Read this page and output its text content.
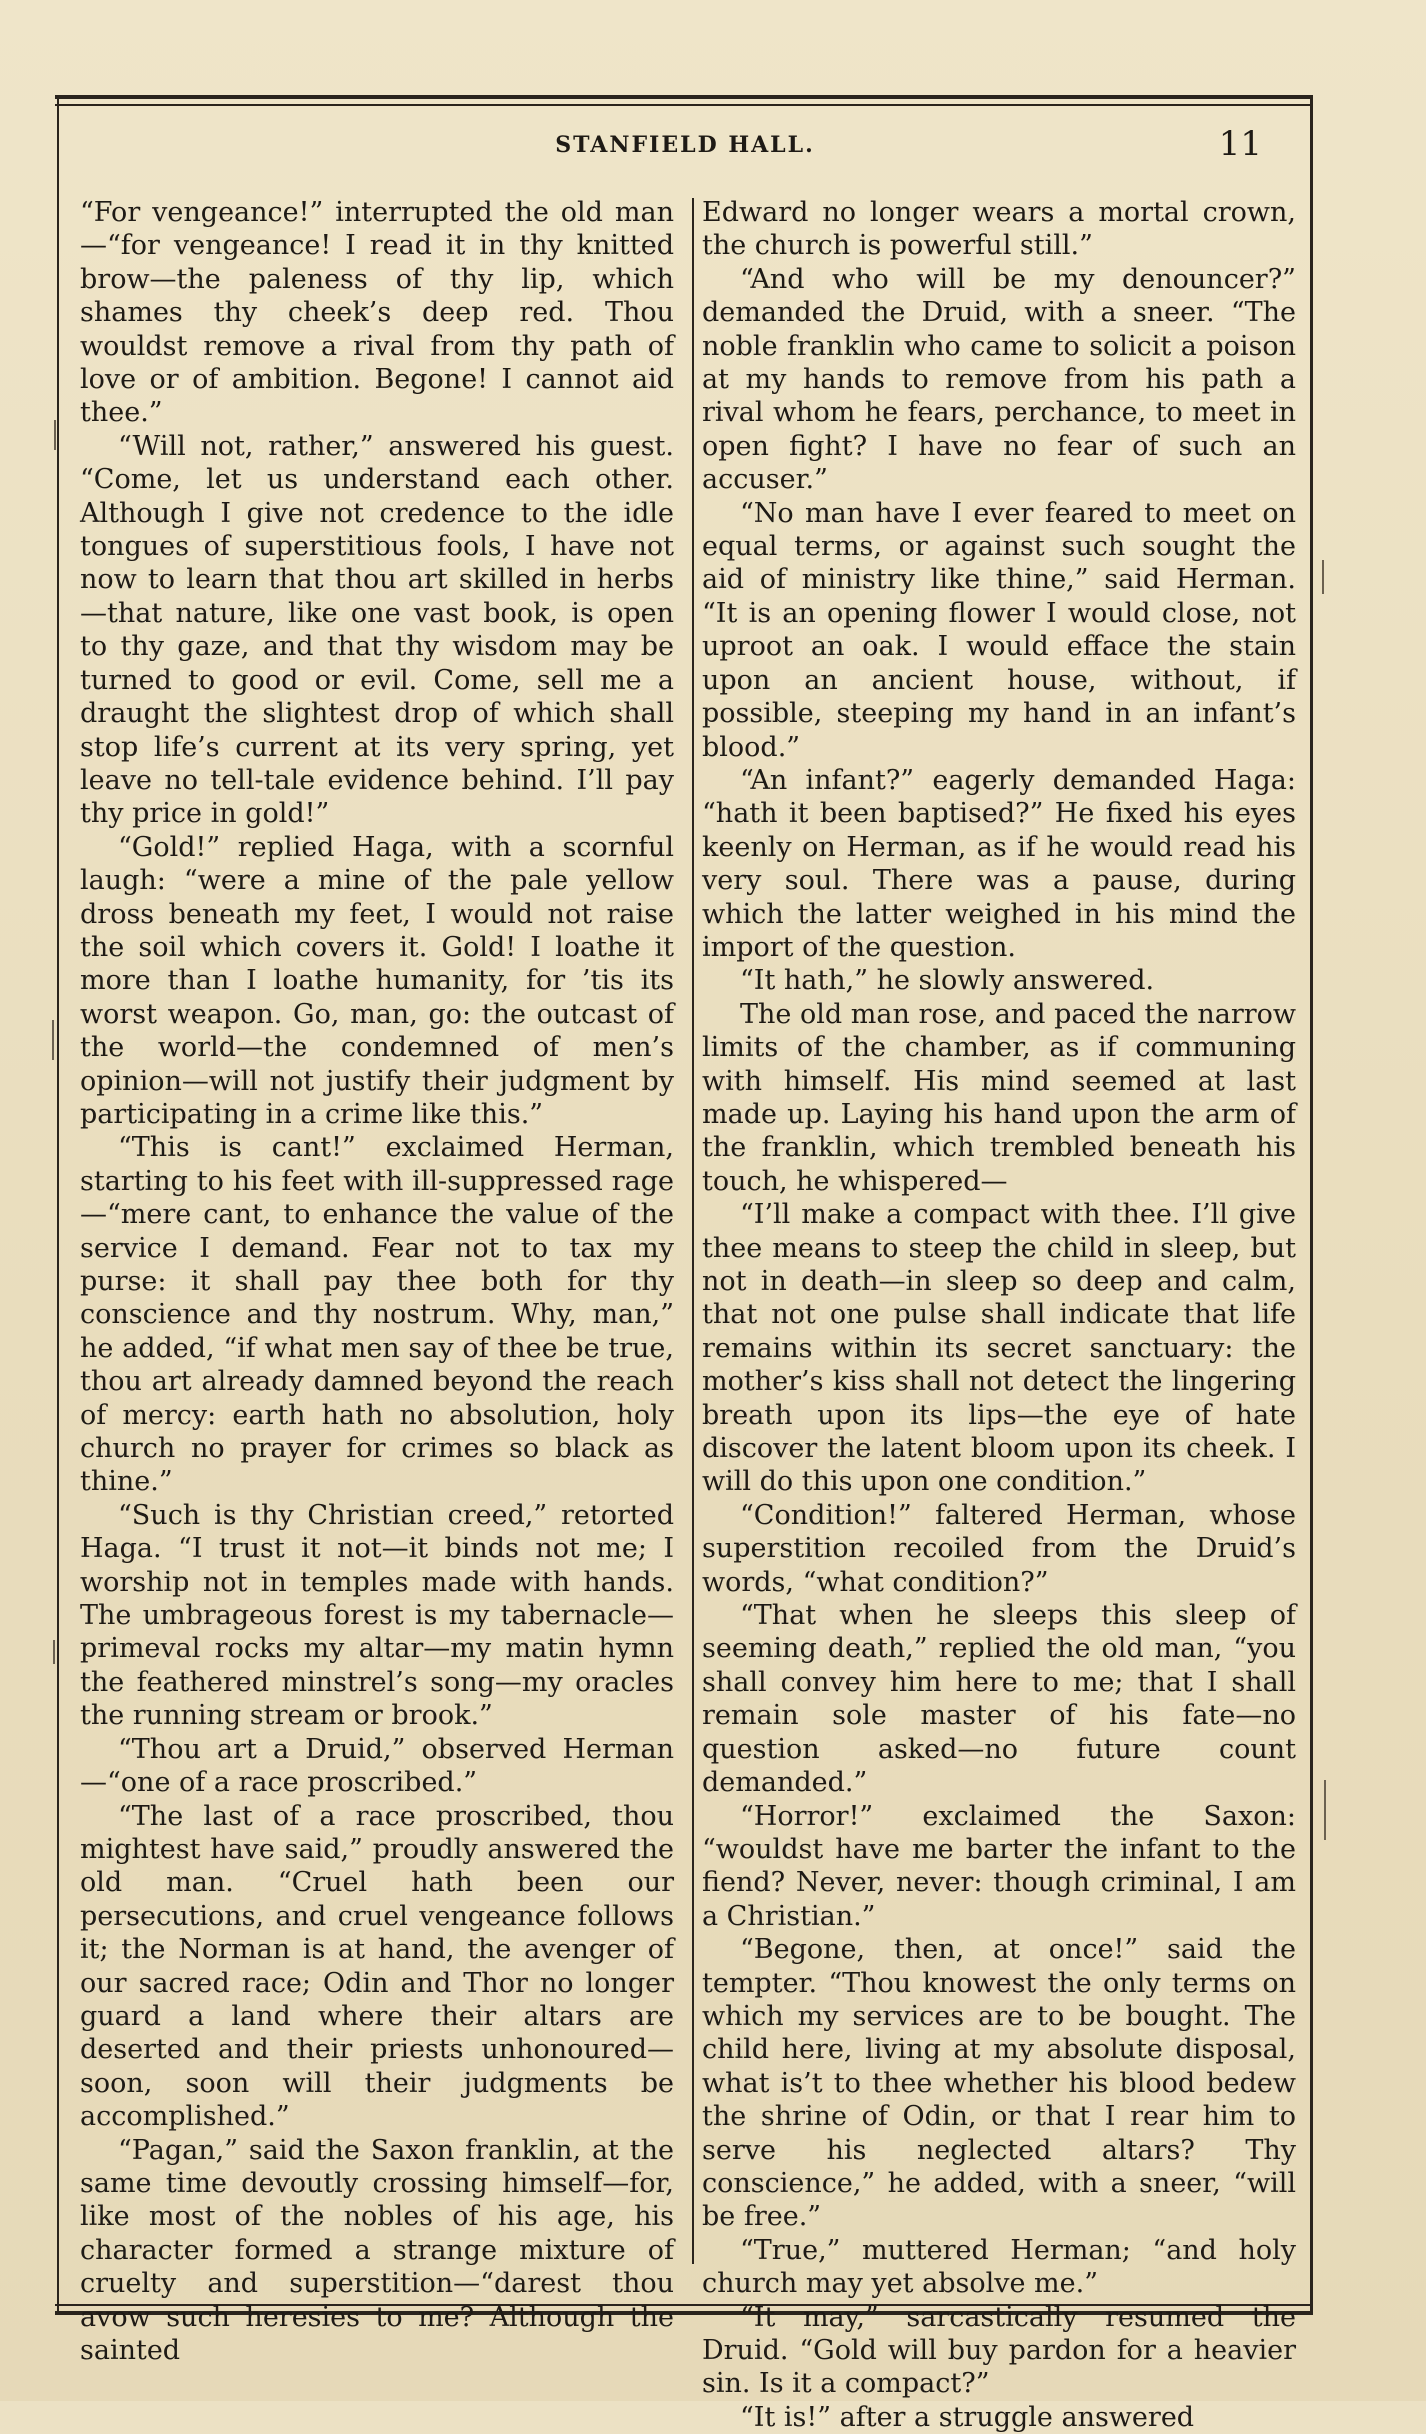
STANFIELD HALL.	11

“For vengeance!” interrupted the old man—“for vengeance! I read it in thy knitted brow—the paleness of thy lip, which shames thy cheek’s deep red. Thou wouldst remove a rival from thy path of love or of ambition. Begone! I cannot aid thee.”

“Will not, rather,” answered his guest. “Come, let us understand each other. Although I give not credence to the idle tongues of superstitious fools, I have not now to learn that thou art skilled in herbs—that nature, like one vast book, is open to thy gaze, and that thy wisdom may be turned to good or evil. Come, sell me a draught the slightest drop of which shall stop life’s current at its very spring, yet leave no tell-tale evidence behind. I’ll pay thy price in gold!”

“Gold!” replied Haga, with a scornful laugh: “were a mine of the pale yellow dross beneath my feet, I would not raise the soil which covers it. Gold! I loathe it more than I loathe humanity, for ’tis its worst weapon. Go, man, go: the outcast of the world—the condemned of men’s opinion—will not justify their judgment by participating in a crime like this.”

“This is cant!” exclaimed Herman, starting to his feet with ill-suppressed rage—“mere cant, to enhance the value of the service I demand. Fear not to tax my purse: it shall pay thee both for thy conscience and thy nostrum. Why, man,” he added, “if what men say of thee be true, thou art already damned beyond the reach of mercy: earth hath no absolution, holy church no prayer for crimes so black as thine.”

“Such is thy Christian creed,” retorted Haga. “I trust it not—it binds not me; I worship not in temples made with hands. The umbrageous forest is my tabernacle—primeval rocks my altar—my matin hymn the feathered minstrel’s song—my oracles the running stream or brook.”

“Thou art a Druid,” observed Herman—“one of a race proscribed.”

“The last of a race proscribed, thou mightest have said,” proudly answered the old man. “Cruel hath been our persecutions, and cruel vengeance follows it; the Norman is at hand, the avenger of our sacred race; Odin and Thor no longer guard a land where their altars are deserted and their priests unhonoured—soon, soon will their judgments be accomplished.”

“Pagan,” said the Saxon franklin, at the same time devoutly crossing himself—for, like most of the nobles of his age, his character formed a strange mixture of cruelty and superstition—“darest thou avow such heresies to me? Although the sainted

Edward no longer wears a mortal crown, the church is powerful still.”

“And who will be my denouncer?” demanded the Druid, with a sneer. “The noble franklin who came to solicit a poison at my hands to remove from his path a rival whom he fears, perchance, to meet in open fight? I have no fear of such an accuser.”

“No man have I ever feared to meet on equal terms, or against such sought the aid of ministry like thine,” said Herman. “It is an opening flower I would close, not uproot an oak. I would efface the stain upon an ancient house, without, if possible, steeping my hand in an infant’s blood.”

“An infant?” eagerly demanded Haga: “hath it been baptised?” He fixed his eyes keenly on Herman, as if he would read his very soul. There was a pause, during which the latter weighed in his mind the import of the question.

“It hath,” he slowly answered.

The old man rose, and paced the narrow limits of the chamber, as if communing with himself. His mind seemed at last made up. Laying his hand upon the arm of the franklin, which trembled beneath his touch, he whispered—

“I’ll make a compact with thee. I’ll give thee means to steep the child in sleep, but not in death—in sleep so deep and calm, that not one pulse shall indicate that life remains within its secret sanctuary: the mother’s kiss shall not detect the lingering breath upon its lips—the eye of hate discover the latent bloom upon its cheek. I will do this upon one condition.”

“Condition!” faltered Herman, whose superstition recoiled from the Druid’s words, “what condition?”

“That when he sleeps this sleep of seeming death,” replied the old man, “you shall convey him here to me; that I shall remain sole master of his fate—no question asked—no future count demanded.”

“Horror!” exclaimed the Saxon: “wouldst have me barter the infant to the fiend? Never, never: though criminal, I am a Christian.”

“Begone, then, at once!” said the tempter. “Thou knowest the only terms on which my services are to be bought. The child here, living at my absolute disposal, what is’t to thee whether his blood bedew the shrine of Odin, or that I rear him to serve his neglected altars? Thy conscience,” he added, with a sneer, “will be free.”

“True,” muttered Herman; “and holy church may yet absolve me.”

“It may,” sarcastically resumed the Druid. “Gold will buy pardon for a heavier sin. Is it a compact?”

“It is!” after a struggle answered
